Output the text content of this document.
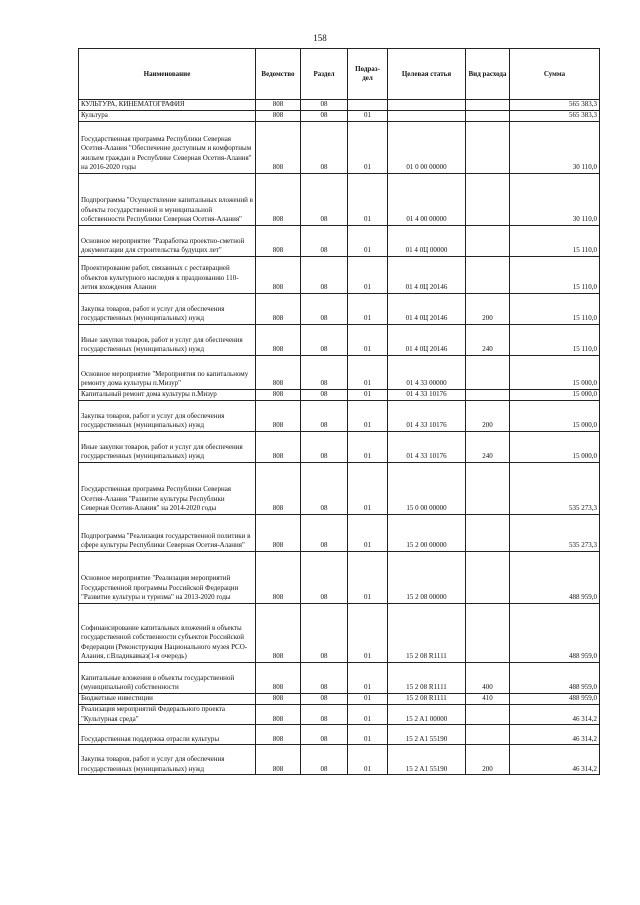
158
Наименование	Ведомство	Раздел	Подраз-дел	Целевая статья	Вид расхода	Сумма
КУЛЬТУРА, КИНЕМАТОГРАФИЯ	808	08				565 383,3
Культура	808	08	01			565 383,3
Государственная программа Республики Северная Осетия-Алания "Обеспечение доступным и комфортным жильем граждан в Республике Северная Осетия-Алания" на 2016-2020 годы	808	08	01	01 0 00 00000		30 110,0
Подпрограмма "Осуществление капитальных вложений в объекты государственной и муниципальной собственности Республики Северная Осетия-Алания"	808	08	01	01 4 00 00000		30 110,0
Основное мероприятие "Разработка проектно-сметной документации для строительства будущих лет"	808	08	01	01 4 0Ц 00000		15 110,0
Проектирование работ, связанных с реставрацией объектов культурного наследия к празднованию 110-летия вхождения Алании	808	08	01	01 4 0Ц 20146		15 110,0
Закупка товаров, работ и услуг для обеспечения государственных (муниципальных) нужд	808	08	01	01 4 0Ц 20146	200	15 110,0
Иные закупки товаров, работ и услуг для обеспечения государственных (муниципальных) нужд	808	08	01	01 4 0Ц 20146	240	15 110,0
Основное мероприятие "Мероприятия по капитальному ремонту дома культуры п.Мизур"	808	08	01	01 4 33 00000		15 000,0
Капитальный ремонт дома культуры п.Мизур	808	08	01	01 4 33 10176		15 000,0
Закупка товаров, работ и услуг для обеспечения государственных (муниципальных) нужд	808	08	01	01 4 33 10176	200	15 000,0
Иные закупки товаров, работ и услуг для обеспечения государственных (муниципальных) нужд	808	08	01	01 4 33 10176	240	15 000,0
Государственная программа Республики Северная Осетия-Алания "Развитие культуры Республики Северная Осетия-Алания" на 2014-2020 годы	808	08	01	15 0 00 00000		535 273,3
Подпрограмма "Реализация государственной политики в сфере культуры Республики Северная Осетия-Алания"	808	08	01	15 2 00 00000		535 273,3
Основное мероприятие "Реализация мероприятий Государственной программы Российской Федерации "Развитие культуры и туризма" на 2013-2020 годы	808	08	01	15 2 08 00000		488 959,0
Софинансирование капитальных вложений в объекты государственной собственности субъектов Российской Федерации (Реконструкция Национального музея РСО-Алания, г.Владикавказ(1-я очередь)	808	08	01	15 2 08 R1111		488 959,0
Капитальные вложения в объекты государственной (муниципальной) собственности	808	08	01	15 2 08 R1111	400	488 959,0
Бюджетные инвестиции	808	08	01	15 2 08 R1111	410	488 959,0
Реализация мероприятий Федерального проекта "Культурная среда"	808	08	01	15 2 A1 00000		46 314,2
Государственная поддержка отрасли культуры	808	08	01	15 2 A1 55190		46 314,2
Закупка товаров, работ и услуг для обеспечения государственных (муниципальных) нужд	808	08	01	15 2 A1 55190	200	46 314,2
